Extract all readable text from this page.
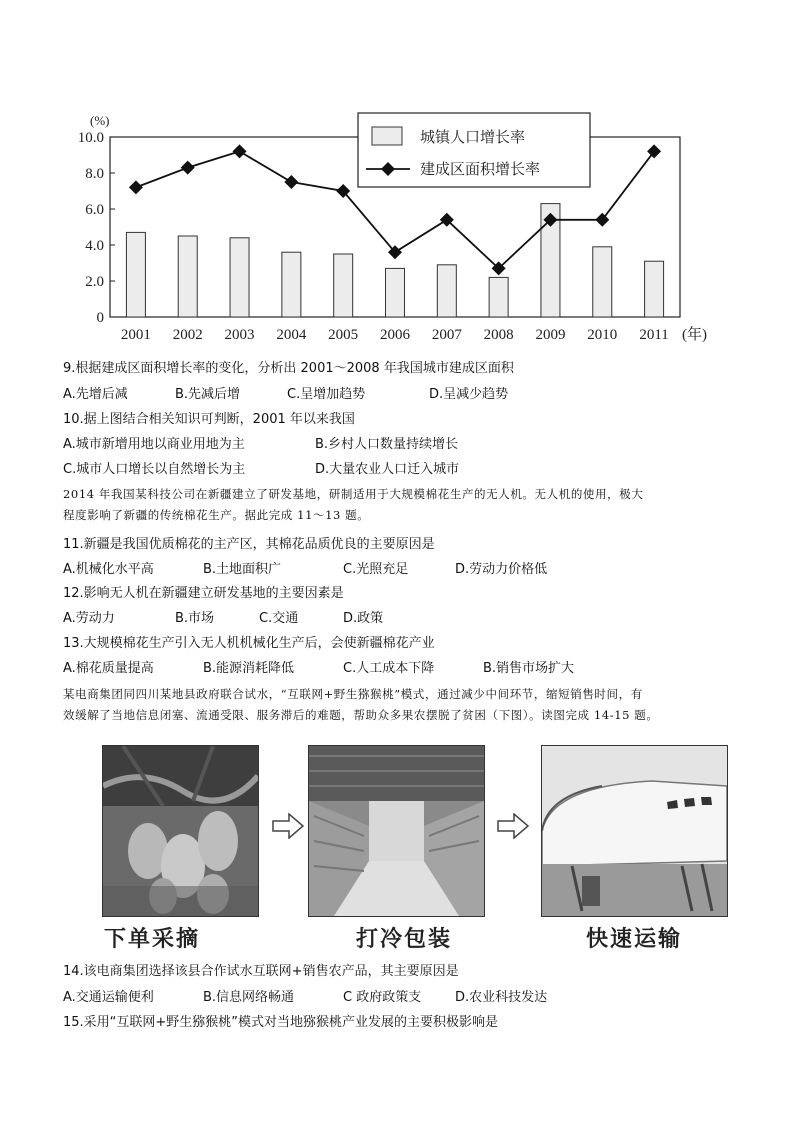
0
2.0
4.0
6.0
8.0
10.0
(%)
2001 2002 2003 2004 2005 2006 2007 2008 2009 2010 2011 (年)
城镇人口增长率
建成区面积增长率
9.根据建成区面积增长率的变化，分析出 2001～2008 年我国城市建成区面积
A.先增后减	B.先减后增	C.呈增加趋势	D.呈减少趋势
10.据上图结合相关知识可判断，2001 年以来我国
A.城市新增用地以商业用地为主	B.乡村人口数量持续增长
C.城市人口增长以自然增长为主	D.大量农业人口迁入城市
2014 年我国某科技公司在新疆建立了研发基地，研制适用于大规模棉花生产的无人机。无人机的使用，极大
程度影响了新疆的传统棉花生产。据此完成 11～13 题。
11.新疆是我国优质棉花的主产区，其棉花品质优良的主要原因是
A.机械化水平高	B.土地面积广	C.光照充足	D.劳动力价格低
12.影响无人机在新疆建立研发基地的主要因素是
A.劳动力	B.市场	C.交通	D.政策
13.大规模棉花生产引入无人机机械化生产后，会使新疆棉花产业
A.棉花质量提高	B.能源消耗降低	C.人工成本下降	B.销售市场扩大
某电商集团同四川某地县政府联合试水，“互联网+野生猕猴桃”模式，通过减少中间环节，缩短销售时间，有
效缓解了当地信息闭塞、流通受限、服务滞后的难题，帮助众多果农摆脱了贫困（下图）。读图完成 14-15 题。
下单采摘	打冷包装	快速运输
14.该电商集团选择该县合作试水互联网+销售农产品，其主要原因是
A.交通运输便利	B.信息网络畅通	C 政府政策支	D.农业科技发达
15.采用“互联网+野生猕猴桃”模式对当地猕猴桃产业发展的主要积极影响是
